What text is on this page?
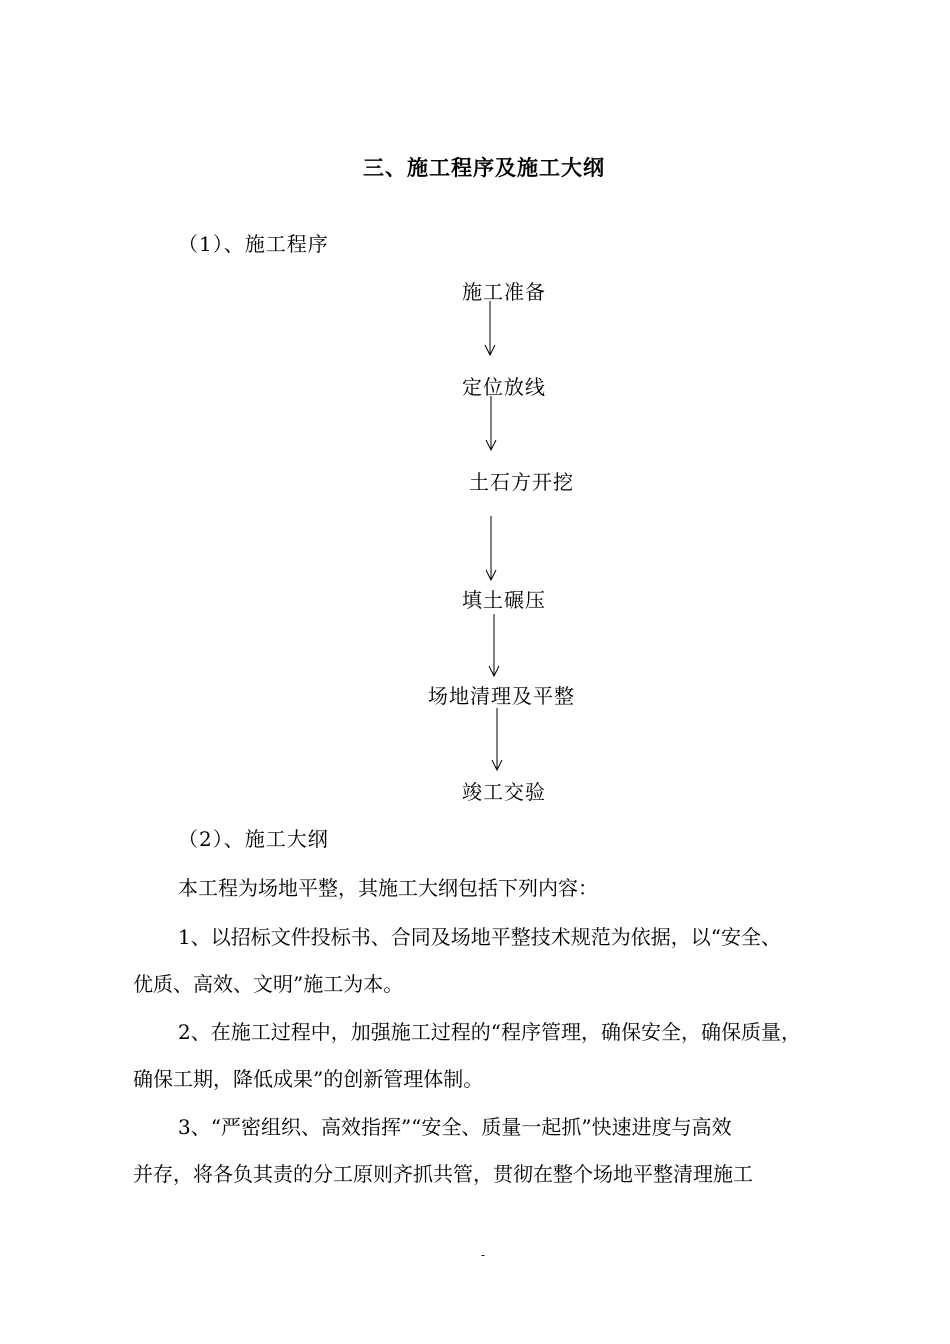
三、施工程序及施工大纲
（1）、施工程序
施工准备
定位放线
土石方开挖
填土碾压
场地清理及平整
竣工交验
（2）、施工大纲
本工程为场地平整，其施工大纲包括下列内容：
1、以招标文件投标书、合同及场地平整技术规范为依据，以“安全、
优质、高效、文明”施工为本。
2、在施工过程中，加强施工过程的“程序管理，确保安全，确保质量，
确保工期，降低成果”的创新管理体制。
3、“严密组织、高效指挥”“安全、质量一起抓”快速进度与高效
并存，将各负其责的分工原则齐抓共管，贯彻在整个场地平整清理施工
-
